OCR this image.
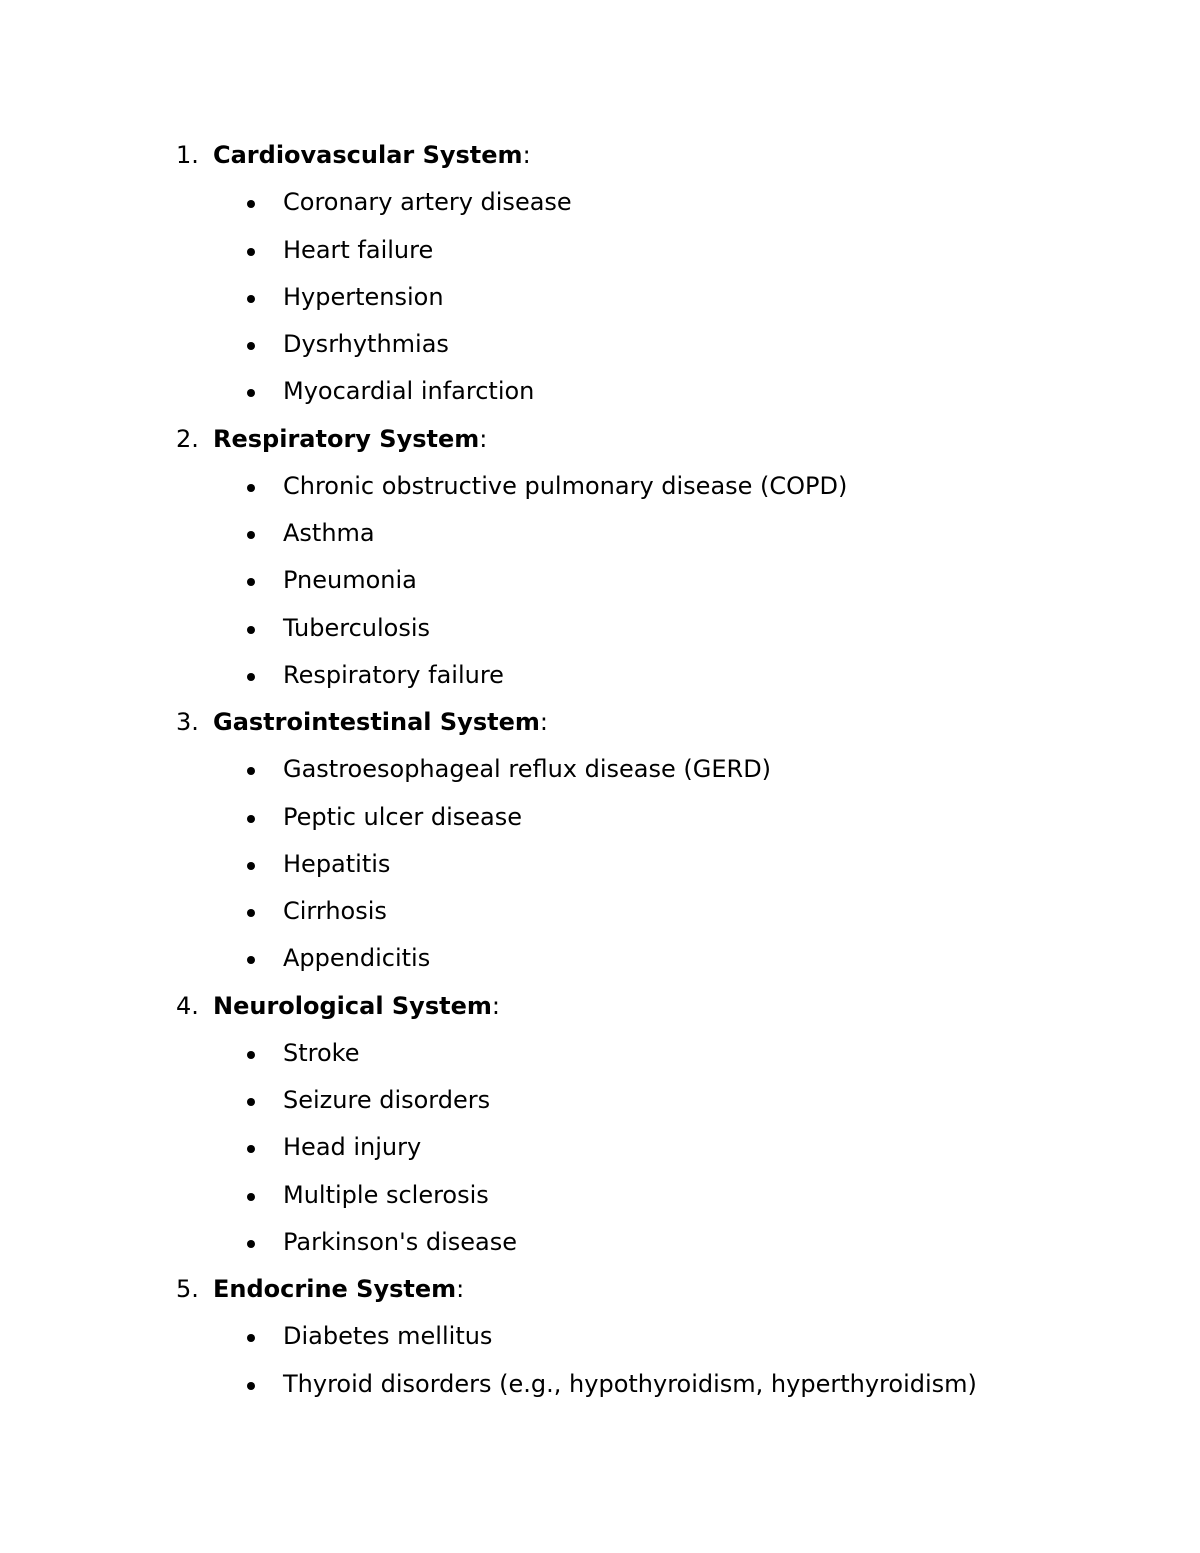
1. Cardiovascular System:
Coronary artery disease
Heart failure
Hypertension
Dysrhythmias
Myocardial infarction
2. Respiratory System:
Chronic obstructive pulmonary disease (COPD)
Asthma
Pneumonia
Tuberculosis
Respiratory failure
3. Gastrointestinal System:
Gastroesophageal reflux disease (GERD)
Peptic ulcer disease
Hepatitis
Cirrhosis
Appendicitis
4. Neurological System:
Stroke
Seizure disorders
Head injury
Multiple sclerosis
Parkinson's disease
5. Endocrine System:
Diabetes mellitus
Thyroid disorders (e.g., hypothyroidism, hyperthyroidism)
